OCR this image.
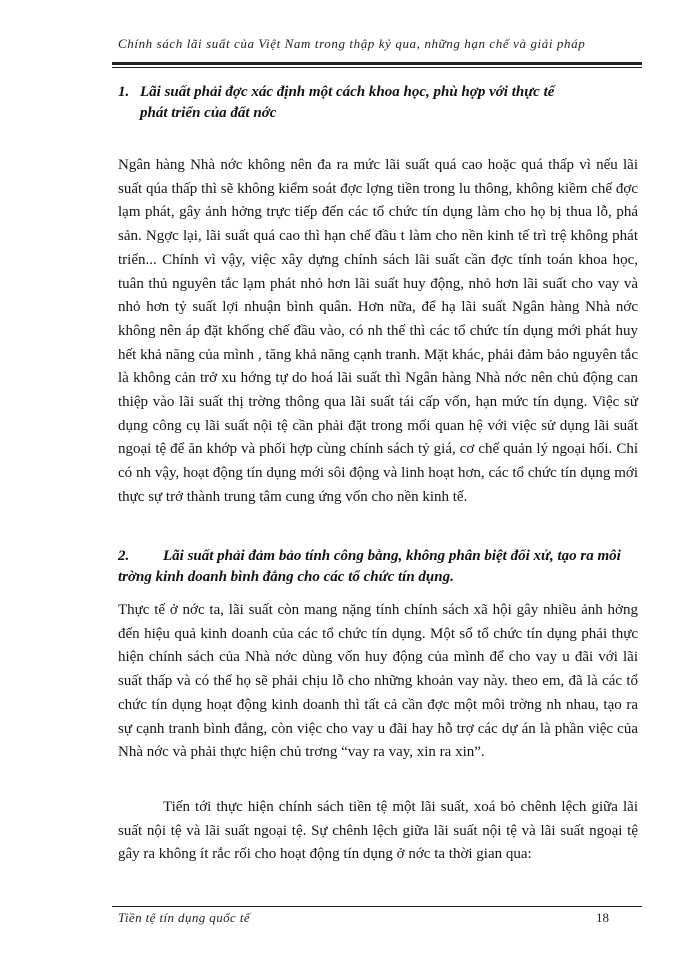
Chính sách lãi suất của Việt Nam trong thập kỷ qua, những hạn chế và giải pháp
1. Lãi suất phải đợc xác định một cách khoa học, phù hợp với thực tế
phát triển của đất nớc

Ngân hàng Nhà nớc không nên đa ra mức lãi suất quá cao hoặc quá thấp vì nếu lãi suất qúa thấp thì sẽ không kiểm soát đợc lợng tiền trong lu thông, không kiềm chế đợc lạm phát, gây ảnh hởng trực tiếp đến các tổ chức tín dụng làm cho họ bị thua lỗ, phá sản. Ngợc lại, lãi suất quá cao thì hạn chế đầu t làm cho nền kinh tế trì trệ không phát triển... Chính vì vậy, việc xây dựng chính sách lãi suất cần đợc tính toán khoa học, tuân thủ nguyên tắc lạm phát nhỏ hơn lãi suất huy động, nhỏ hơn lãi suất cho vay và nhỏ hơn tỷ suất lợi nhuận bình quân. Hơn nữa, để hạ lãi suất Ngân hàng Nhà nớc không nên áp đặt khống chế đầu vào, có nh thế thì các tổ chức tín dụng mới phát huy hết khả năng của mình , tăng khả năng cạnh tranh. Mặt khác, phải đảm bảo nguyên tắc là không cản trở xu hớng tự do hoá lãi suất thì Ngân hàng Nhà nớc nên chủ động can thiệp vào lãi suất thị trờng thông qua lãi suất tái cấp vốn, hạn mức tín dụng. Việc sử dụng công cụ lãi suất nội tệ cần phải đặt trong mối quan hệ với việc sử dụng lãi suất ngoại tệ để ăn khớp và phối hợp cùng chính sách tỷ giá, cơ chế quản lý ngoại hối. Chỉ có nh vậy, hoạt động tín dụng mới sôi động và linh hoạt hơn, các tổ chức tín dụng mới thực sự trở thành trung tâm cung ứng vốn cho nền kinh tế.

2. Lãi suất phải đảm bảo tính công bằng, không phân biệt đối xử, tạo ra môi trờng kinh doanh bình đẳng cho các tổ chức tín dụng.

Thực tế ở nớc ta, lãi suất còn mang nặng tính chính sách xã hội gây nhiều ảnh hởng đến hiệu quả kinh doanh của các tổ chức tín dụng. Một số tổ chức tín dụng phải thực hiện chính sách của Nhà nớc dùng vốn huy động của mình để cho vay u đãi với lãi suất thấp và có thể họ sẽ phải chịu lỗ cho những khoản vay này. theo em, đã là các tổ chức tín dụng hoạt động kinh doanh thì tất cả cần đợc một môi trờng nh nhau, tạo ra sự cạnh tranh bình đẳng, còn việc cho vay u đãi hay hỗ trợ các dự án là phần việc của Nhà nớc và phải thực hiện chủ trơng “vay ra vay, xin ra xin”.

Tiến tới thực hiện chính sách tiền tệ một lãi suất, xoá bỏ chênh lệch giữa lãi suất nội tệ và lãi suất ngoại tệ. Sự chênh lệch giữa lãi suất nội tệ và lãi suất ngoại tệ gây ra không ít rắc rối cho hoạt động tín dụng ở nớc ta thời gian qua:

Tiền tệ tín dụng quốc tế	18
